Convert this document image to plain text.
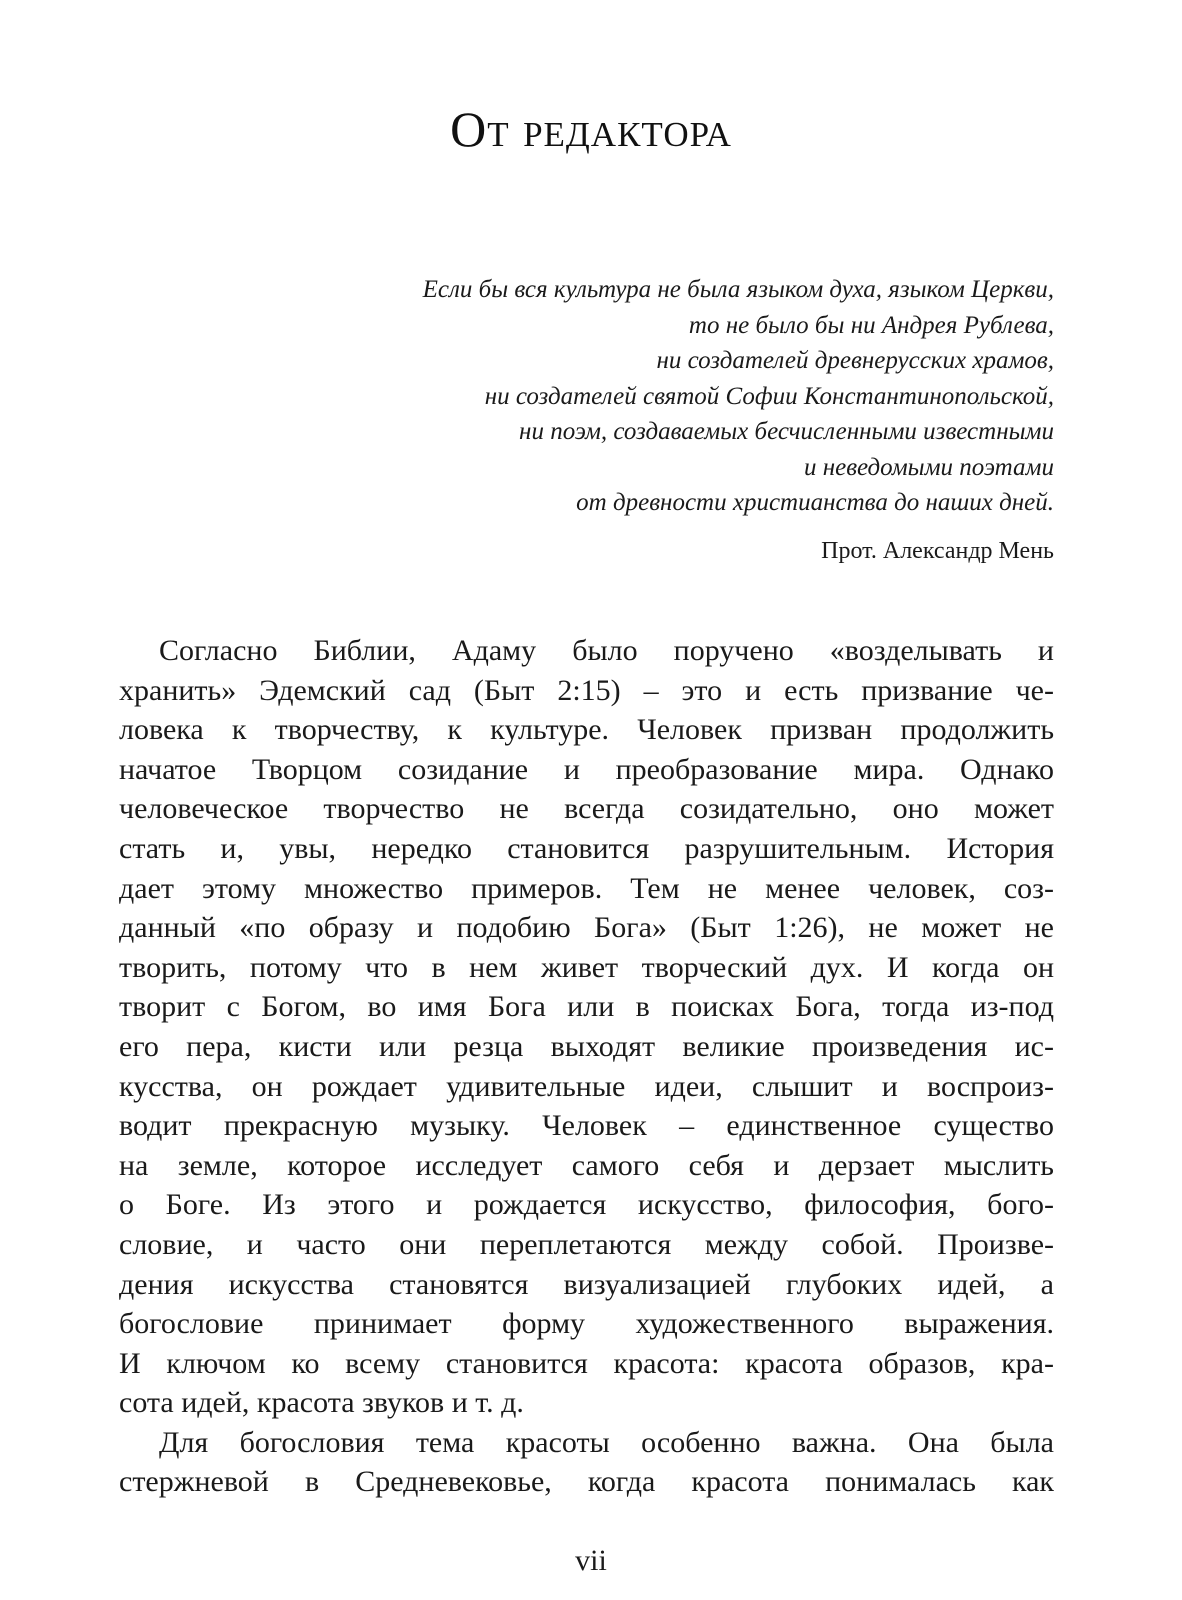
От редактора
Если бы вся культура не была языком духа, языком Церкви,
то не было бы ни Андрея Рублева,
ни создателей древнерусских храмов,
ни создателей святой Софии Константинопольской,
ни поэм, создаваемых бесчисленными известными
и неведомыми поэтами
от древности христианства до наших дней.
Прот. Александр Мень
Согласно Библии, Адаму было поручено «возделывать и
хранить» Эдемский сад (Быт 2:15) – это и есть призвание че-
ловека к творчеству, к культуре. Человек призван продолжить
начатое Творцом созидание и преобразование мира. Однако
человеческое творчество не всегда созидательно, оно может
стать и, увы, нередко становится разрушительным. История
дает этому множество примеров. Тем не менее человек, соз-
данный «по образу и подобию Бога» (Быт 1:26), не может не
творить, потому что в нем живет творческий дух. И когда он
творит с Богом, во имя Бога или в поисках Бога, тогда из-под
его пера, кисти или резца выходят великие произведения ис-
кусства, он рождает удивительные идеи, слышит и воспроиз-
водит прекрасную музыку. Человек – единственное существо
на земле, которое исследует самого себя и дерзает мыслить
о Боге. Из этого и рождается искусство, философия, бого-
словие, и часто они переплетаются между собой. Произве-
дения искусства становятся визуализацией глубоких идей, а
богословие принимает форму художественного выражения.
И ключом ко всему становится красота: красота образов, кра-
сота идей, красота звуков и т. д.
Для богословия тема красоты особенно важна. Она была
стержневой в Средневековье, когда красота понималась как
vii
